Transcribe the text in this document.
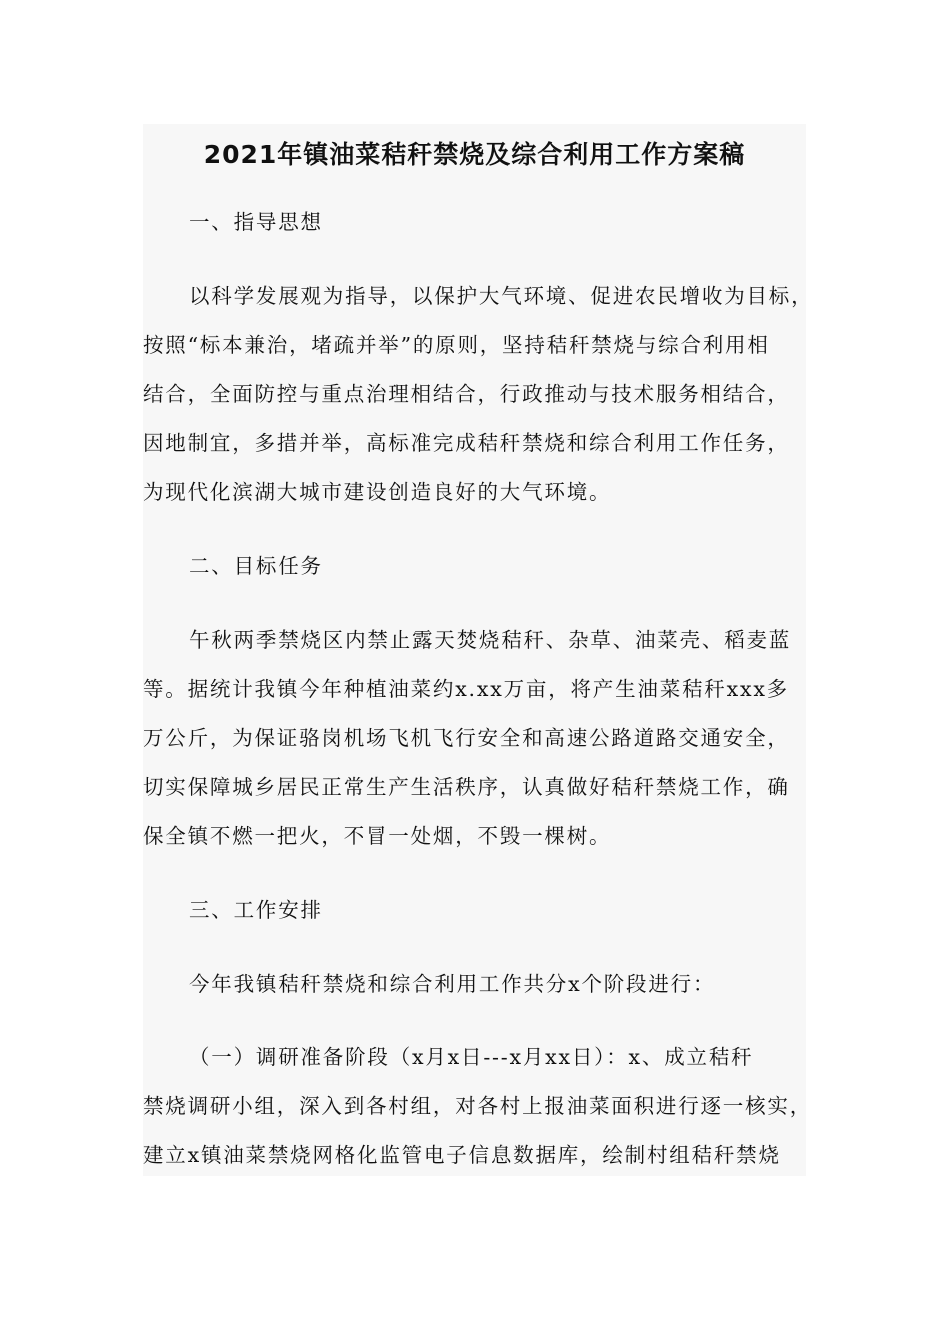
2021年镇油菜秸秆禁烧及综合利用工作方案稿
一、指导思想
以科学发展观为指导，以保护大气环境、促进农民增收为目标，
按照“标本兼治，堵疏并举”的原则，坚持秸秆禁烧与综合利用相
结合，全面防控与重点治理相结合，行政推动与技术服务相结合，
因地制宜，多措并举，高标准完成秸秆禁烧和综合利用工作任务，
为现代化滨湖大城市建设创造良好的大气环境。
二、目标任务
午秋两季禁烧区内禁止露天焚烧秸秆、杂草、油菜壳、稻麦蓝
等。据统计我镇今年种植油菜约x.xx万亩，将产生油菜秸秆xxx多
万公斤，为保证骆岗机场飞机飞行安全和高速公路道路交通安全，
切实保障城乡居民正常生产生活秩序，认真做好秸秆禁烧工作，确
保全镇不燃一把火，不冒一处烟，不毁一棵树。
三、工作安排
今年我镇秸秆禁烧和综合利用工作共分x个阶段进行：
（一）调研准备阶段（x月x日---x月xx日）：x、成立秸秆
禁烧调研小组，深入到各村组，对各村上报油菜面积进行逐一核实，
建立x镇油菜禁烧网格化监管电子信息数据库，绘制村组秸秆禁烧
